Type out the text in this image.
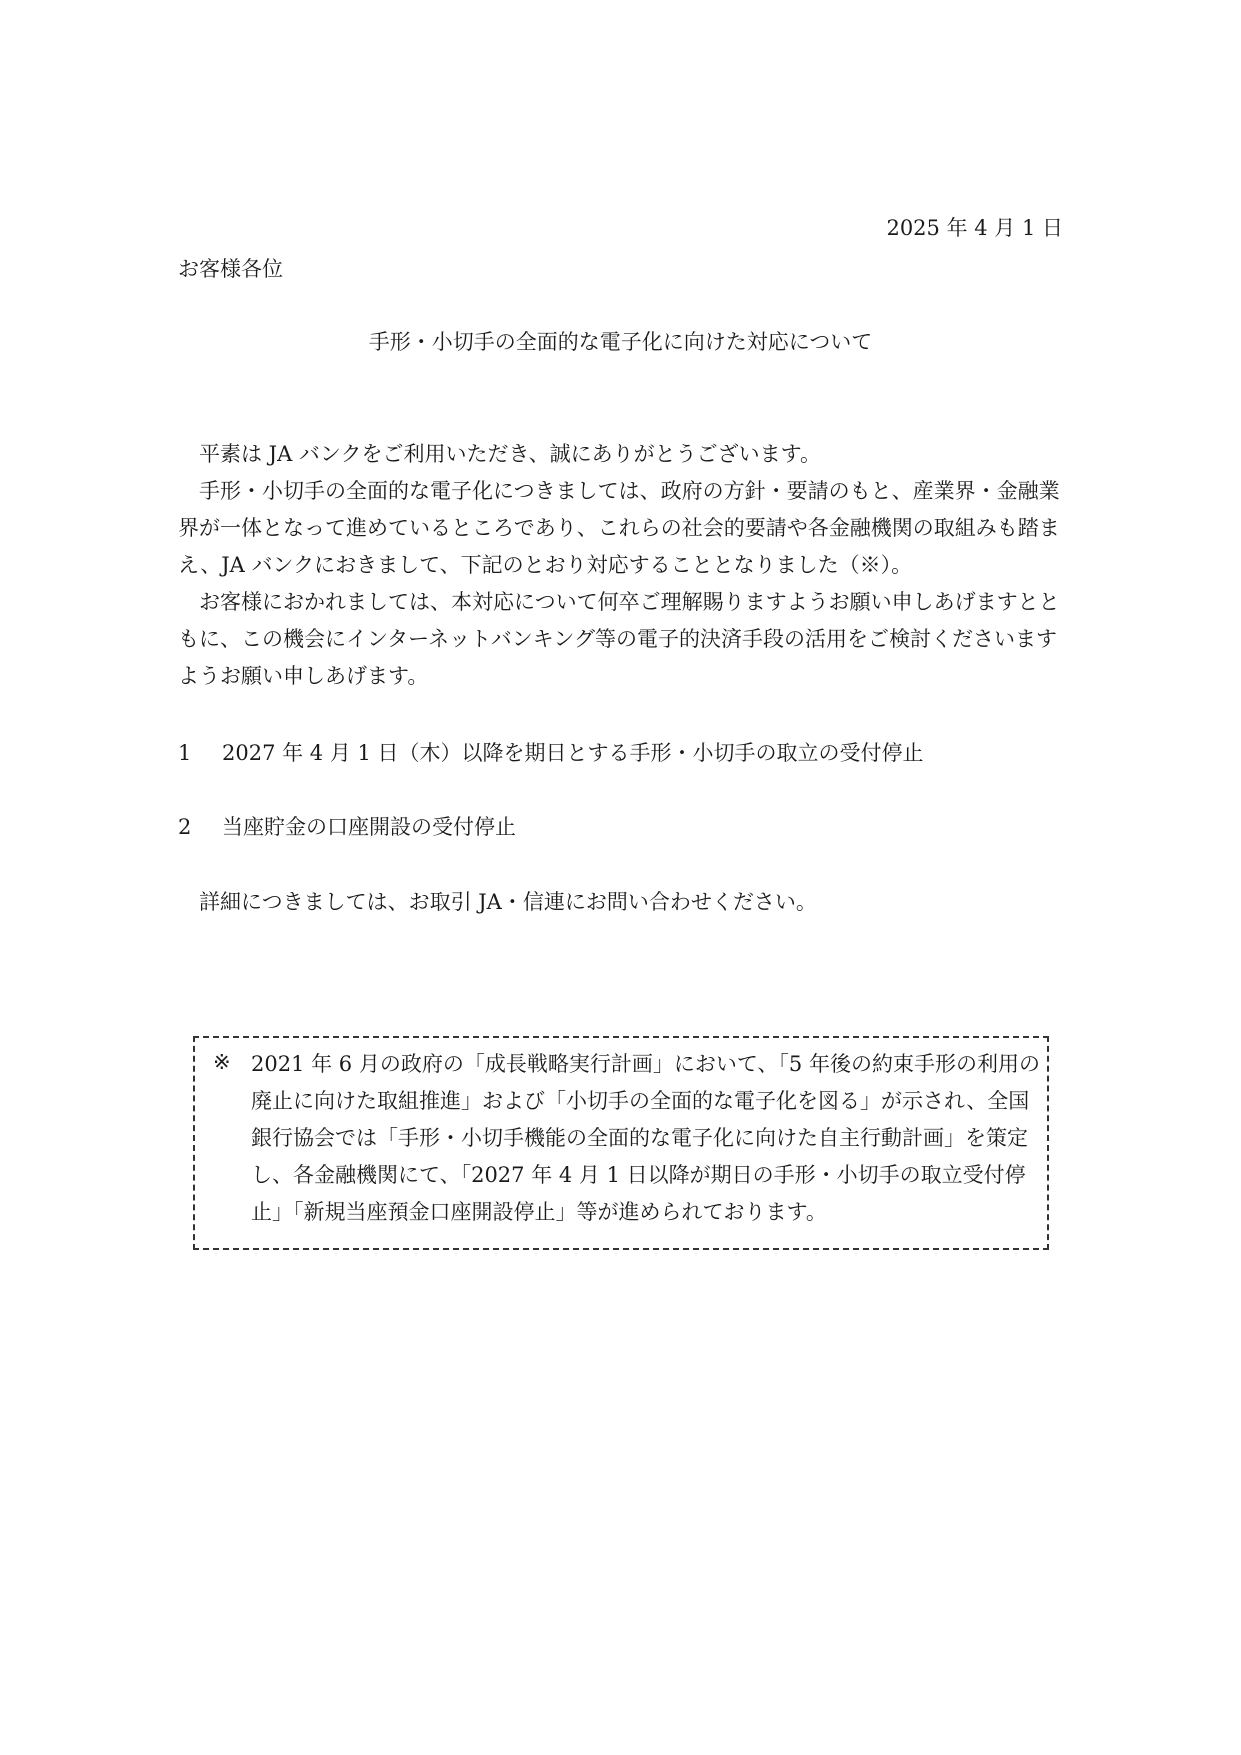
2025 年 4 月 1 日
お客様各位
手形・小切手の全面的な電子化に向けた対応について

平素は JA バンクをご利用いただき、誠にありがとうございます。

手形・小切手の全面的な電子化につきましては、政府の方針・要請のもと、産業界・金融業界が一体となって進めているところであり、これらの社会的要請や各金融機関の取組みも踏まえ、JA バンクにおきまして、下記のとおり対応することとなりました（※）。

お客様におかれましては、本対応について何卒ご理解賜りますようお願い申しあげますとともに、この機会にインターネットバンキング等の電子的決済手段の活用をご検討くださいますようお願い申しあげます。

1 2027 年 4 月 1 日（木）以降を期日とする手形・小切手の取立の受付停止
2 当座貯金の口座開設の受付停止
詳細につきましては、お取引 JA・信連にお問い合わせください。
※ 2021 年 6 月の政府の「成長戦略実行計画」において、「5 年後の約束手形の利用の廃止に向けた取組推進」および「小切手の全面的な電子化を図る」が示され、全国銀行協会では「手形・小切手機能の全面的な電子化に向けた自主行動計画」を策定し、各金融機関にて、「2027 年 4 月 1 日以降が期日の手形・小切手の取立受付停止」「新規当座預金口座開設停止」等が進められております。
